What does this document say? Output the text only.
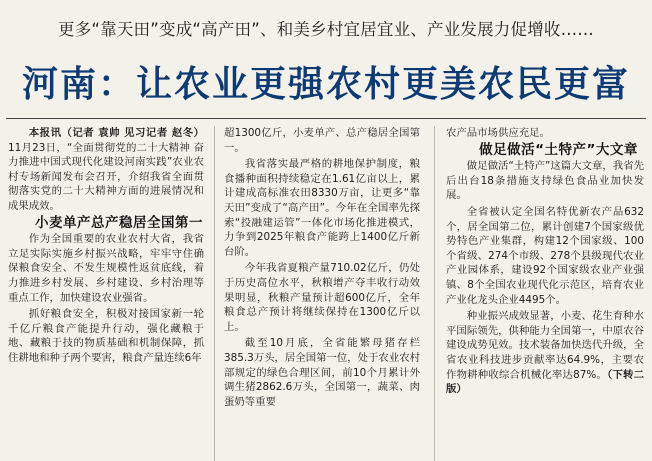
更多“靠天田”变成“高产田”、和美乡村宜居宜业、产业发展力促增收……
河南：让农业更强农村更美农民更富

本报讯（记者 袁帅 见习记者 赵冬）11月23日，“全面贯彻党的二十大精神 奋力推进中国式现代化建设河南实践”农业农村专场新闻发布会召开，介绍我省全面贯彻落实党的二十大精神方面的进展情况和成果成效。

小麦单产总产稳居全国第一

作为全国重要的农业农村大省，我省立足实际实施乡村振兴战略，牢牢守住确保粮食安全、不发生规模性返贫底线，着力推进乡村发展、乡村建设、乡村治理等重点工作，加快建设农业强省。

抓好粮食安全，积极对接国家新一轮千亿斤粮食产能提升行动，强化藏粮于地、藏粮于技的物质基础和机制保障，抓住耕地和种子两个要害，粮食产量连续6年

超1300亿斤，小麦单产、总产稳居全国第一。

我省落实最严格的耕地保护制度，粮食播种面积持续稳定在1.61亿亩以上，累计建成高标准农田8330万亩，让更多“靠天田”变成了“高产田”。今年在全国率先探索“投融建运管”一体化市场化推进模式，力争到2025年粮食产能跨上1400亿斤新台阶。

今年我省夏粮产量710.02亿斤，仍处于历史高位水平，秋粮增产夺丰收行动效果明显，秋粮产量预计超600亿斤，全年粮食总产预计将继续保持在1300亿斤以上。

截至10月底，全省能繁母猪存栏385.3万头，居全国第一位，处于农业农村部规定的绿色合理区间，前10个月累计外调生猪2862.6万头，全国第一，蔬菜、肉蛋奶等重要

农产品市场供应充足。

做足做活“土特产”大文章

做足做活“土特产”这篇大文章，我省先后出台18条措施支持绿色食品业加快发展。

全省被认定全国名特优新农产品632个，居全国第二位，累计创建7个国家级优势特色产业集群，构建12个国家级、100个省级、274个市级、278个县级现代农业产业园体系，建设92个国家级农业产业强镇、8个全国农业现代化示范区，培育农业产业化龙头企业4495个。

种业振兴成效显著，小麦、花生育种水平国际领先，供种能力全国第一，中原农谷建设成势见效。技术装备加快迭代升级，全省农业科技进步贡献率达64.9%，主要农作物耕种收综合机械化率达87%。（下转二版）
